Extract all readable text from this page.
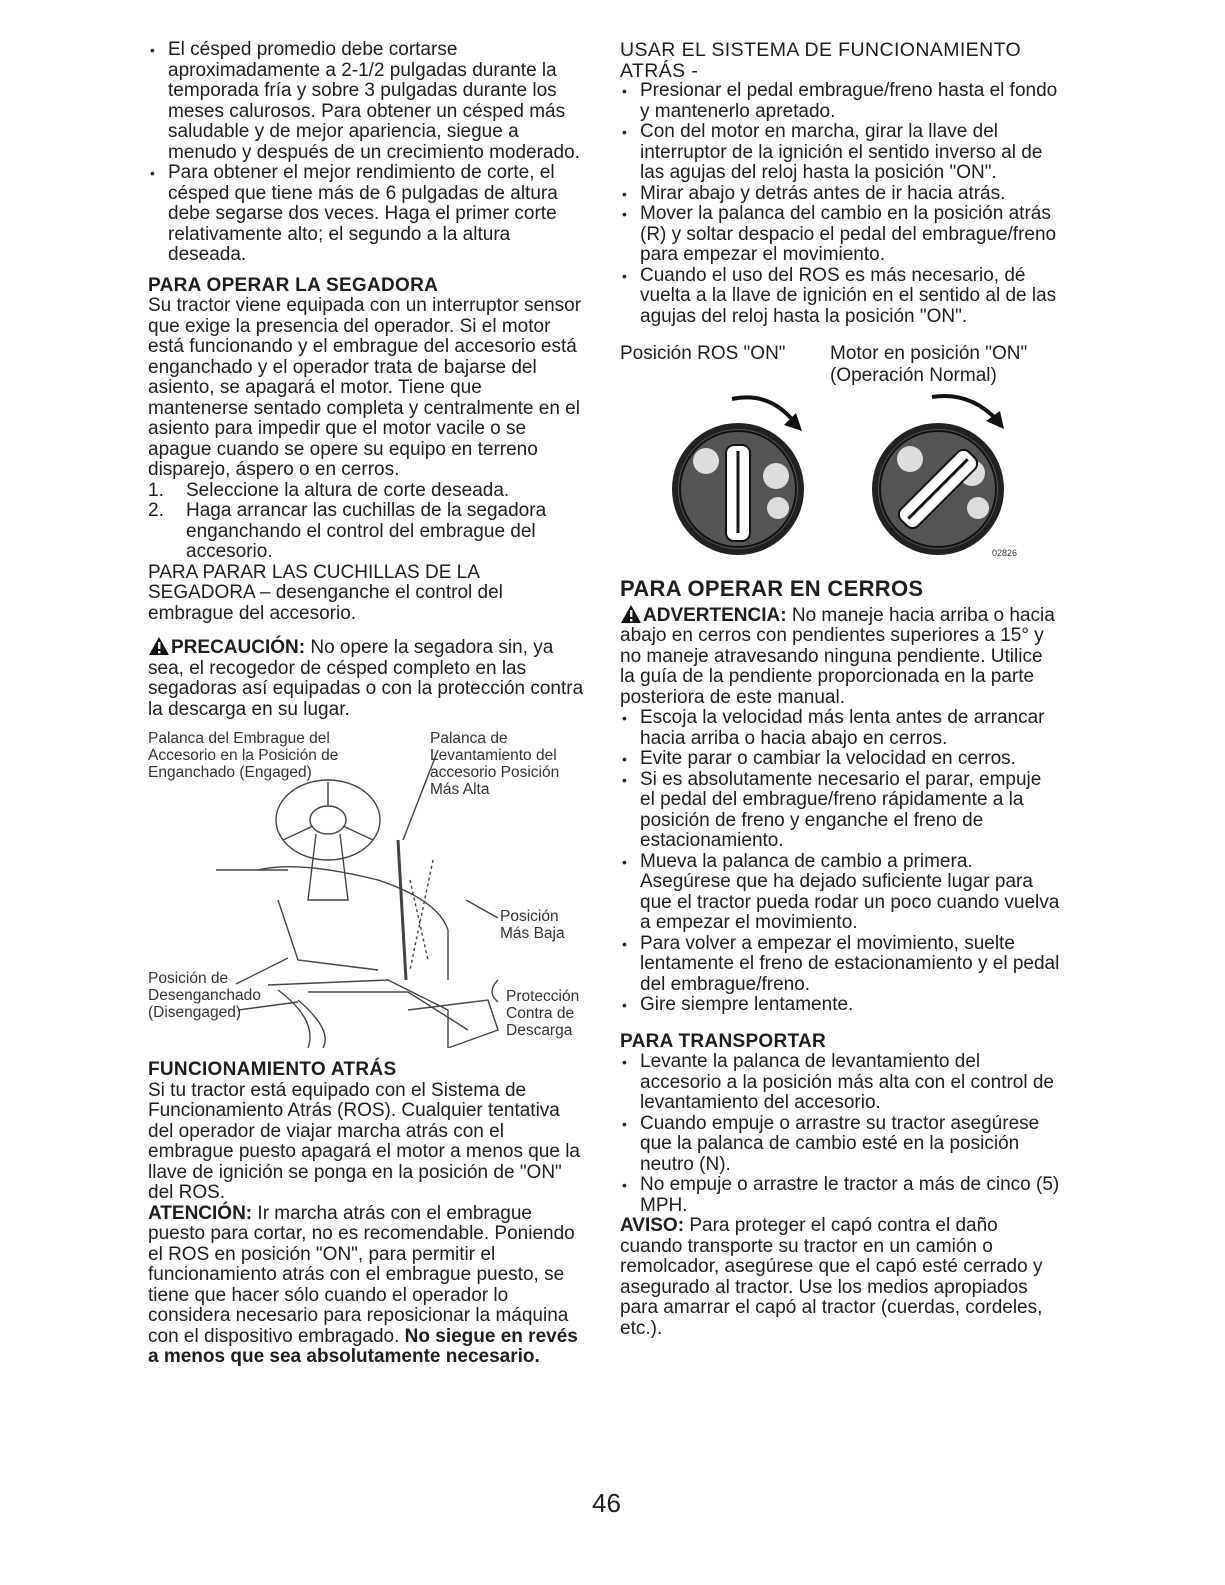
• El césped promedio debe cortarse aproximadamente a 2-1/2 pulgadas durante la temporada fría y sobre 3 pulgadas durante los meses calurosos. Para obtener un césped más saludable y de mejor apariencia, siegue a menudo y después de un crecimiento moderado.
• Para obtener el mejor rendimiento de corte, el césped que tiene más de 6 pulgadas de altura debe segarse dos veces. Haga el primer corte relativamente alto; el segundo a la altura deseada.
PARA OPERAR LA SEGADORA

Su tractor viene equipada con un interruptor sensor que exige la presencia del operador. Si el motor está funcionando y el embrague del accesorio está enganchado y el operador trata de bajarse del asiento, se apagará el motor. Tiene que mantenerse sentado completa y centralmente en el asiento para impedir que el motor vacile o se apague cuando se opere su equipo en terreno disparejo, áspero o en cerros.

1. Seleccione la altura de corte deseada.
2. Haga arrancar las cuchillas de la segadora enganchando el control del embrague del accesorio.

PARA PARAR LAS CUCHILLAS DE LA SEGADORA – desenganche el control del embrague del accesorio.

PRECAUCIÓN: No opere la segadora sin, ya sea, el recogedor de césped completo en las segadoras así equipadas o con la protección contra la descarga en su lugar.

Palanca del Embrague del Accesorio en la Posición de Enganchado (Engaged)
Palanca de Levantamiento del accesorio Posición Más Alta
Posición Más Baja
Posición de Desenganchado (Disengaged)
Protección Contra de Descarga
FUNCIONAMIENTO ATRÁS

Si tu tractor está equipado con el Sistema de Funcionamiento Atrás (ROS). Cualquier tentativa del operador de viajar marcha atrás con el embrague puesto apagará el motor a menos que la llave de ignición se ponga en la posición de "ON" del ROS.

ATENCIÓN: Ir marcha atrás con el embrague puesto para cortar, no es recomendable. Poniendo el ROS en posición "ON", para permitir el funcionamiento atrás con el embrague puesto, se tiene que hacer sólo cuando el operador lo considera necesario para reposicionar la máquina con el dispositivo embragado. No siegue en revés a menos que sea absolutamente necesario.

USAR EL SISTEMA DE FUNCIONAMIENTO ATRÁS -
• Presionar el pedal embrague/freno hasta el fondo y mantenerlo apretado.
• Con del motor en marcha, girar la llave del interruptor de la ignición el sentido inverso al de las agujas del reloj hasta la posición "ON".
• Mirar abajo y detrás antes de ir hacia atrás.
• Mover la palanca del cambio en la posición atrás (R) y soltar despacio el pedal del embrague/freno para empezar el movimiento.
• Cuando el uso del ROS es más necesario, dé vuelta a la llave de ignición en el sentido al de las agujas del reloj hasta la posición "ON".
Posición ROS "ON" Motor en posición "ON" (Operación Normal)
02826
PARA OPERAR EN CERROS

ADVERTENCIA: No maneje hacia arriba o hacia abajo en cerros con pendientes superiores a 15° y no maneje atravesando ninguna pendiente. Utilice la guía de la pendiente proporcionada en la parte posteriora de este manual.

• Escoja la velocidad más lenta antes de arrancar hacia arriba o hacia abajo en cerros.
• Evite parar o cambiar la velocidad en cerros.
• Si es absolutamente necesario el parar, empuje el pedal del embrague/freno rápidamente a la posición de freno y enganche el freno de estacionamiento.
• Mueva la palanca de cambio a primera. Asegúrese que ha dejado suficiente lugar para que el tractor pueda rodar un poco cuando vuelva a empezar el movimiento.
• Para volver a empezar el movimiento, suelte lentamente el freno de estacionamiento y el pedal del embrague/freno.
• Gire siempre lentamente.
PARA TRANSPORTAR
• Levante la palanca de levantamiento del accesorio a la posición más alta con el control de levantamiento del accesorio.
• Cuando empuje o arrastre su tractor asegúrese que la palanca de cambio esté en la posición neutro (N).
• No empuje o arrastre le tractor a más de cinco (5) MPH.

AVISO: Para proteger el capó contra el daño cuando transporte su tractor en un camión o remolcador, asegúrese que el capó esté cerrado y asegurado al tractor. Use los medios apropiados para amarrar el capó al tractor (cuerdas, cordeles, etc.).

46
